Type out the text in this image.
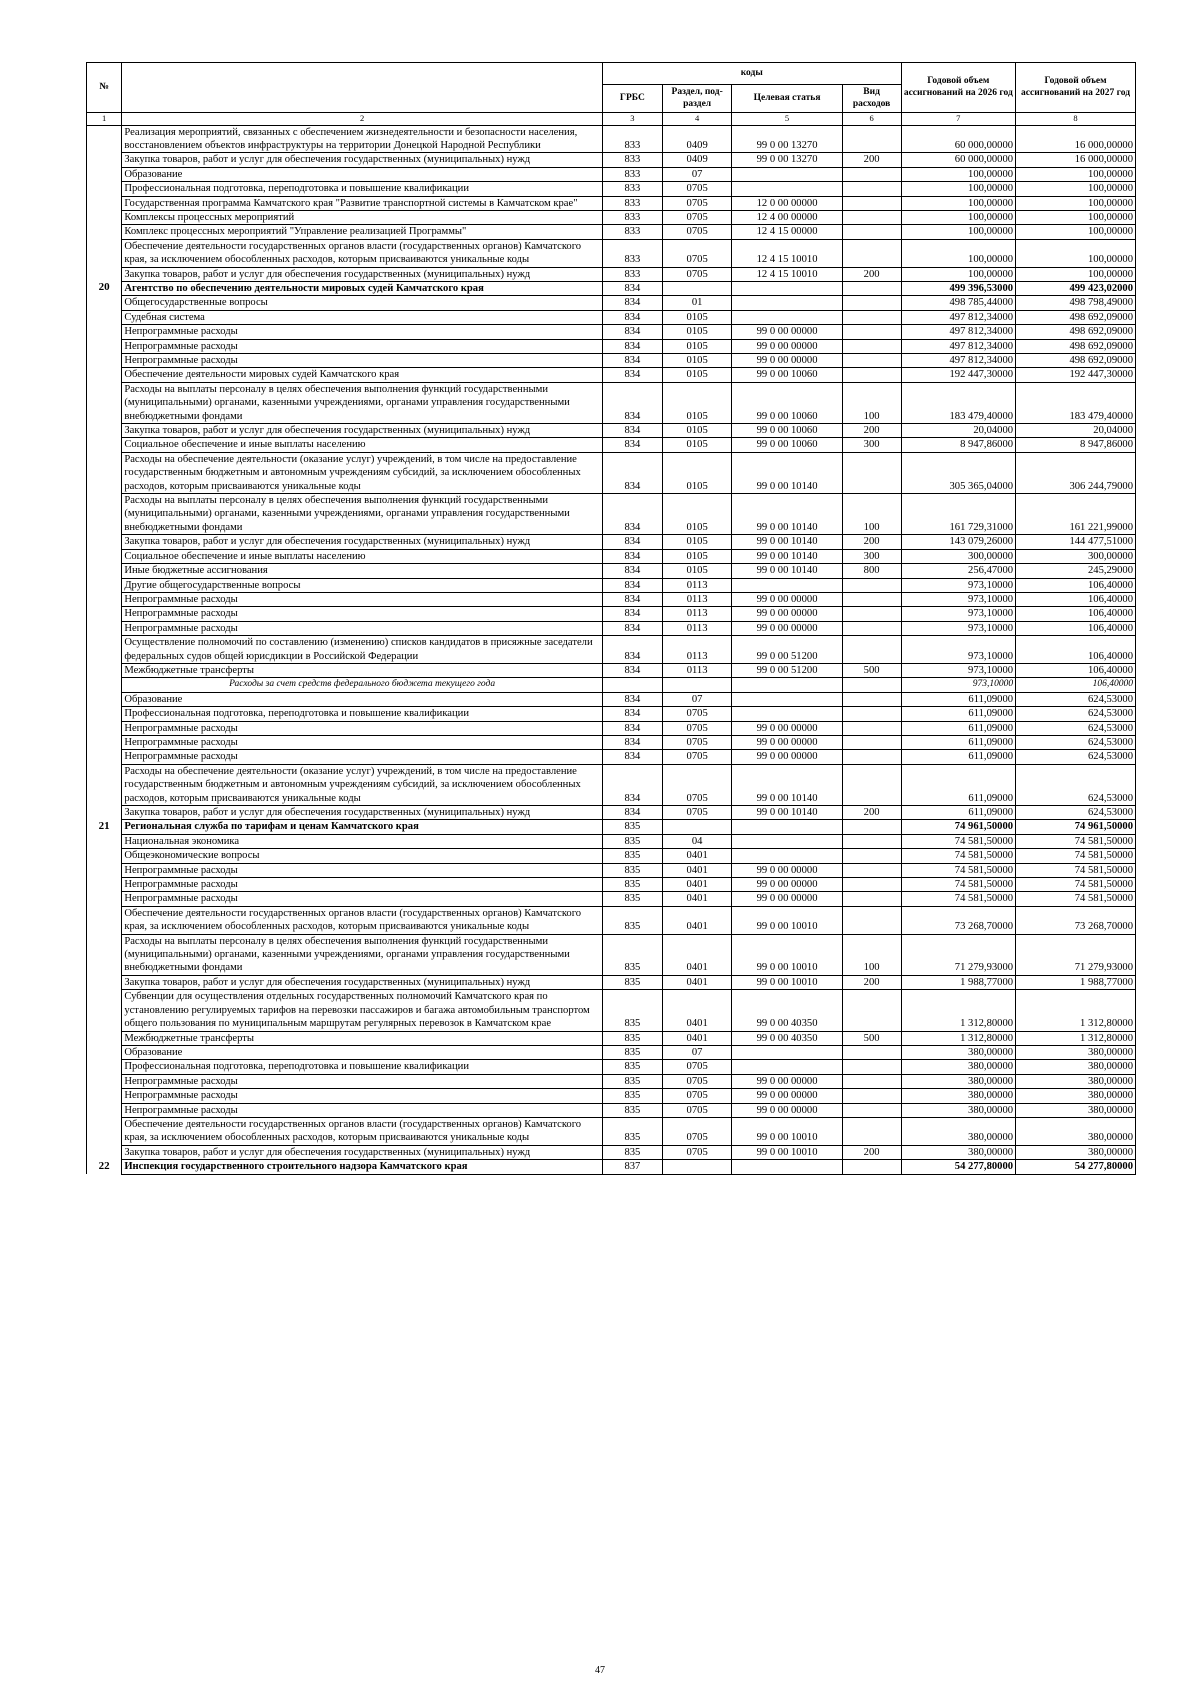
№		коды				Годовой объем ассигнований на 2026 год	Годовой объем ассигнований на 2027 год
		ГРБС	Раздел, под-раздел	Целевая статья	Вид расходов		
1	2	3	4	5	6	7	8
	Реализация мероприятий, связанных с обеспечением жизнедеятельности и безопасности населения, восстановлением объектов инфраструктуры на территории Донецкой Народной Республики	833	0409	99 0 00 13270		60 000,00000	16 000,00000
	Закупка товаров, работ и услуг для обеспечения государственных (муниципальных) нужд	833	0409	99 0 00 13270	200	60 000,00000	16 000,00000
	Образование	833	07			100,00000	100,00000
	Профессиональная подготовка, переподготовка и повышение квалификации	833	0705			100,00000	100,00000
	Государственная программа Камчатского края "Развитие транспортной системы в Камчатском крае"	833	0705	12 0 00 00000		100,00000	100,00000
	Комплексы процессных мероприятий	833	0705	12 4 00 00000		100,00000	100,00000
	Комплекс процессных мероприятий "Управление реализацией Программы"	833	0705	12 4 15 00000		100,00000	100,00000
	Обеспечение деятельности государственных органов власти (государственных органов) Камчатского края, за исключением обособленных расходов, которым присваиваются уникальные коды	833	0705	12 4 15 10010		100,00000	100,00000
	Закупка товаров, работ и услуг для обеспечения государственных (муниципальных) нужд	833	0705	12 4 15 10010	200	100,00000	100,00000
20	Агентство по обеспечению деятельности мировых судей Камчатского края	834				499 396,53000	499 423,02000
	Общегосударственные вопросы	834	01			498 785,44000	498 798,49000
	Судебная система	834	0105			497 812,34000	498 692,09000
	Непрограммные расходы	834	0105	99 0 00 00000		497 812,34000	498 692,09000
	Непрограммные расходы	834	0105	99 0 00 00000		497 812,34000	498 692,09000
	Непрограммные расходы	834	0105	99 0 00 00000		497 812,34000	498 692,09000
	Обеспечение деятельности мировых судей Камчатского края	834	0105	99 0 00 10060		192 447,30000	192 447,30000
	Расходы на выплаты персоналу в целях обеспечения выполнения функций государственными (муниципальными) органами, казенными учреждениями, органами управления государственными внебюджетными фондами	834	0105	99 0 00 10060	100	183 479,40000	183 479,40000
	Закупка товаров, работ и услуг для обеспечения государственных (муниципальных) нужд	834	0105	99 0 00 10060	200	20,04000	20,04000
	Социальное обеспечение и иные выплаты населению	834	0105	99 0 00 10060	300	8 947,86000	8 947,86000
	Расходы на обеспечение деятельности (оказание услуг) учреждений, в том числе на предоставление государственным бюджетным и автономным учреждениям субсидий, за исключением обособленных расходов, которым присваиваются уникальные коды	834	0105	99 0 00 10140		305 365,04000	306 244,79000
	Расходы на выплаты персоналу в целях обеспечения выполнения функций государственными (муниципальными) органами, казенными учреждениями, органами управления государственными внебюджетными фондами	834	0105	99 0 00 10140	100	161 729,31000	161 221,99000
	Закупка товаров, работ и услуг для обеспечения государственных (муниципальных) нужд	834	0105	99 0 00 10140	200	143 079,26000	144 477,51000
	Социальное обеспечение и иные выплаты населению	834	0105	99 0 00 10140	300	300,00000	300,00000
	Иные бюджетные ассигнования	834	0105	99 0 00 10140	800	256,47000	245,29000
	Другие общегосударственные вопросы	834	0113			973,10000	106,40000
	Непрограммные расходы	834	0113	99 0 00 00000		973,10000	106,40000
	Непрограммные расходы	834	0113	99 0 00 00000		973,10000	106,40000
	Непрограммные расходы	834	0113	99 0 00 00000		973,10000	106,40000
	Осуществление полномочий по составлению (изменению) списков кандидатов в присяжные заседатели федеральных судов общей юрисдикции в Российской Федерации	834	0113	99 0 00 51200		973,10000	106,40000
	Межбюджетные трансферты	834	0113	99 0 00 51200	500	973,10000	106,40000
	Расходы за счет средств федерального бюджета текущего года					973,10000	106,40000
	Образование	834	07			611,09000	624,53000
	Профессиональная подготовка, переподготовка и повышение квалификации	834	0705			611,09000	624,53000
	Непрограммные расходы	834	0705	99 0 00 00000		611,09000	624,53000
	Непрограммные расходы	834	0705	99 0 00 00000		611,09000	624,53000
	Непрограммные расходы	834	0705	99 0 00 00000		611,09000	624,53000
	Расходы на обеспечение деятельности (оказание услуг) учреждений, в том числе на предоставление государственным бюджетным и автономным учреждениям субсидий, за исключением обособленных расходов, которым присваиваются уникальные коды	834	0705	99 0 00 10140		611,09000	624,53000
	Закупка товаров, работ и услуг для обеспечения государственных (муниципальных) нужд	834	0705	99 0 00 10140	200	611,09000	624,53000
21	Региональная служба по тарифам и ценам Камчатского края	835				74 961,50000	74 961,50000
	Национальная экономика	835	04			74 581,50000	74 581,50000
	Общеэкономические вопросы	835	0401			74 581,50000	74 581,50000
	Непрограммные расходы	835	0401	99 0 00 00000		74 581,50000	74 581,50000
	Непрограммные расходы	835	0401	99 0 00 00000		74 581,50000	74 581,50000
	Непрограммные расходы	835	0401	99 0 00 00000		74 581,50000	74 581,50000
	Обеспечение деятельности государственных органов власти (государственных органов) Камчатского края, за исключением обособленных расходов, которым присваиваются уникальные коды	835	0401	99 0 00 10010		73 268,70000	73 268,70000
	Расходы на выплаты персоналу в целях обеспечения выполнения функций государственными (муниципальными) органами, казенными учреждениями, органами управления государственными внебюджетными фондами	835	0401	99 0 00 10010	100	71 279,93000	71 279,93000
	Закупка товаров, работ и услуг для обеспечения государственных (муниципальных) нужд	835	0401	99 0 00 10010	200	1 988,77000	1 988,77000
	Субвенции для осуществления отдельных государственных полномочий Камчатского края по установлению регулируемых тарифов на перевозки пассажиров и багажа автомобильным транспортом общего пользования по муниципальным маршрутам регулярных перевозок в Камчатском крае	835	0401	99 0 00 40350		1 312,80000	1 312,80000
	Межбюджетные трансферты	835	0401	99 0 00 40350	500	1 312,80000	1 312,80000
	Образование	835	07			380,00000	380,00000
	Профессиональная подготовка, переподготовка и повышение квалификации	835	0705			380,00000	380,00000
	Непрограммные расходы	835	0705	99 0 00 00000		380,00000	380,00000
	Непрограммные расходы	835	0705	99 0 00 00000		380,00000	380,00000
	Непрограммные расходы	835	0705	99 0 00 00000		380,00000	380,00000
	Обеспечение деятельности государственных органов власти (государственных органов) Камчатского края, за исключением обособленных расходов, которым присваиваются уникальные коды	835	0705	99 0 00 10010		380,00000	380,00000
	Закупка товаров, работ и услуг для обеспечения государственных (муниципальных) нужд	835	0705	99 0 00 10010	200	380,00000	380,00000
22	Инспекция государственного строительного надзора Камчатского края	837				54 277,80000	54 277,80000
47
